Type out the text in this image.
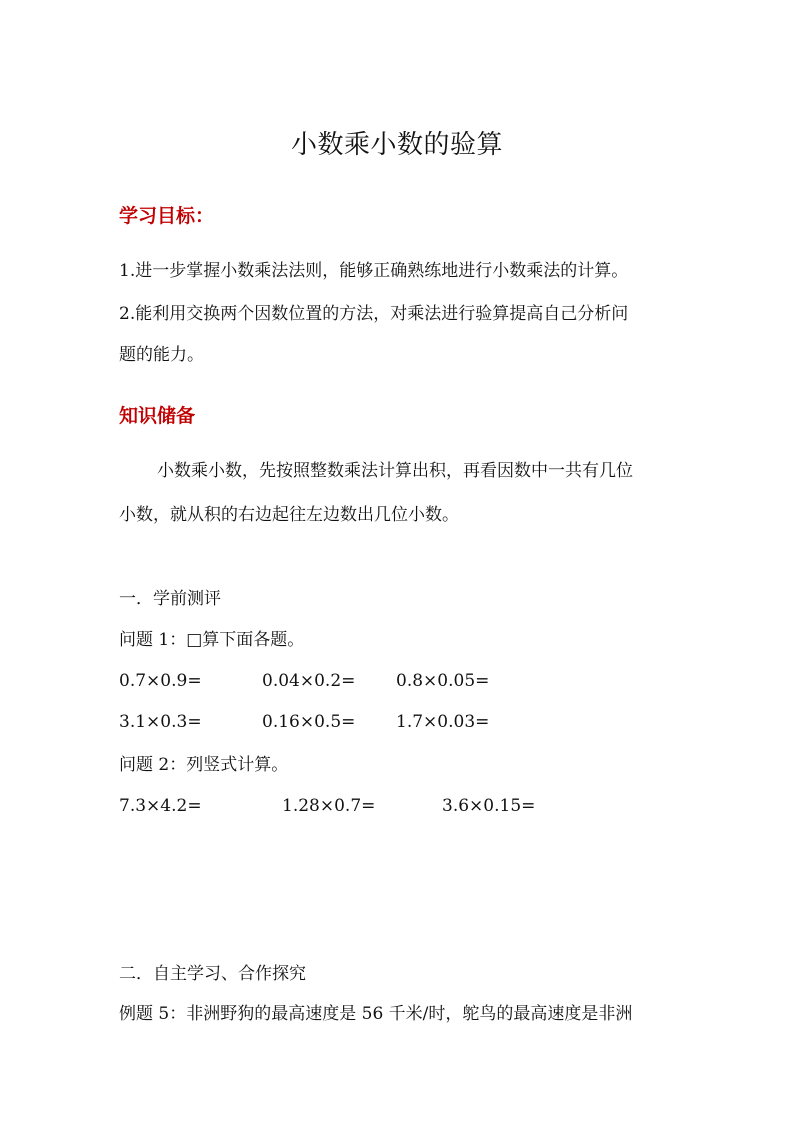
小数乘小数的验算
学习目标：
1.进一步掌握小数乘法法则，能够正确熟练地进行小数乘法的计算。
2.能利用交换两个因数位置的方法，对乘法进行验算提高自己分析问
题的能力。
知识储备
小数乘小数，先按照整数乘法计算出积，再看因数中一共有几位
小数，就从积的右边起往左边数出几位小数。
一．学前测评
问题 1：□算下面各题。
0.7×0.9=	0.04×0.2= 0.8×0.05=
3.1×0.3=	0.16×0.5= 1.7×0.03=
问题 2：列竖式计算。
7.3×4.2=	1.28×0.7=	3.6×0.15=
二．自主学习、合作探究
例题 5：非洲野狗的最高速度是 56 千米/时，鸵鸟的最高速度是非洲
